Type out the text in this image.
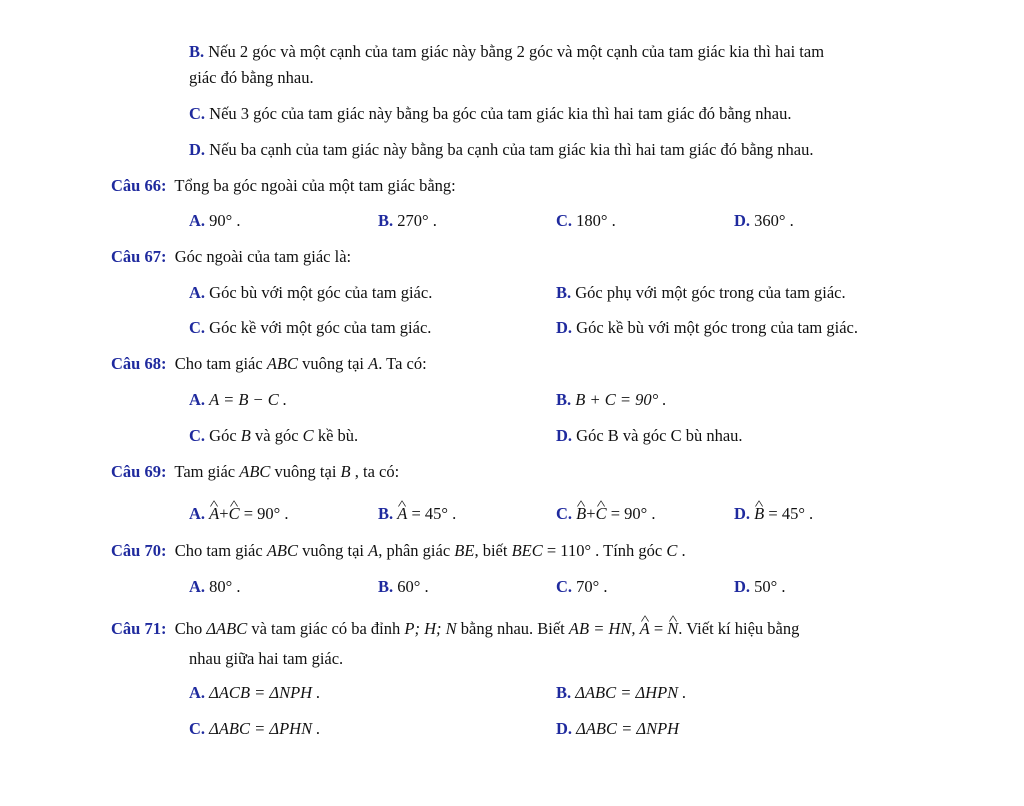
B. Nếu 2 góc và một cạnh của tam giác này bằng 2 góc và một cạnh của tam giác kia thì hai tam
giác đó bằng nhau.
C. Nếu 3 góc của tam giác này bằng ba góc của tam giác kia thì hai tam giác đó bằng nhau.
D. Nếu ba cạnh của tam giác này bằng ba cạnh của tam giác kia thì hai tam giác đó bằng nhau.
Câu 66: Tổng ba góc ngoài của một tam giác bằng:
A. 90° .	B. 270° .	C. 180° .	D. 360° .
Câu 67: Góc ngoài của tam giác là:
A. Góc bù với một góc của tam giác.	B. Góc phụ với một góc trong của tam giác.
C. Góc kề với một góc của tam giác.	D. Góc kề bù với một góc trong của tam giác.
Câu 68: Cho tam giác ABC vuông tại A. Ta có:
A. A = B − C .	B. B + C = 90° .
C. Góc B và góc C kề bù.	D. Góc B và góc C bù nhau.
Câu 69: Tam giác ABC vuông tại B , ta có:
A. ^ A+^ C = 90° .	B. ^ A = 45° .	C. ^ B+^ C = 90° .	D. ^ B = 45° .
Câu 70: Cho tam giác ABC vuông tại A, phân giác BE, biết BEC = 110° . Tính góc C .
A. 80° .	B. 60° .	C. 70° .	D. 50° .
Câu 71: Cho ΔABC và tam giác có ba đỉnh P; H; N bằng nhau. Biết AB = HN, ^ A = ^ N. Viết kí hiệu bằng
nhau giữa hai tam giác.
A. ΔACB = ΔNPH .	B. ΔABC = ΔHPN .
C. ΔABC = ΔPHN .	D. ΔABC = ΔNPH
